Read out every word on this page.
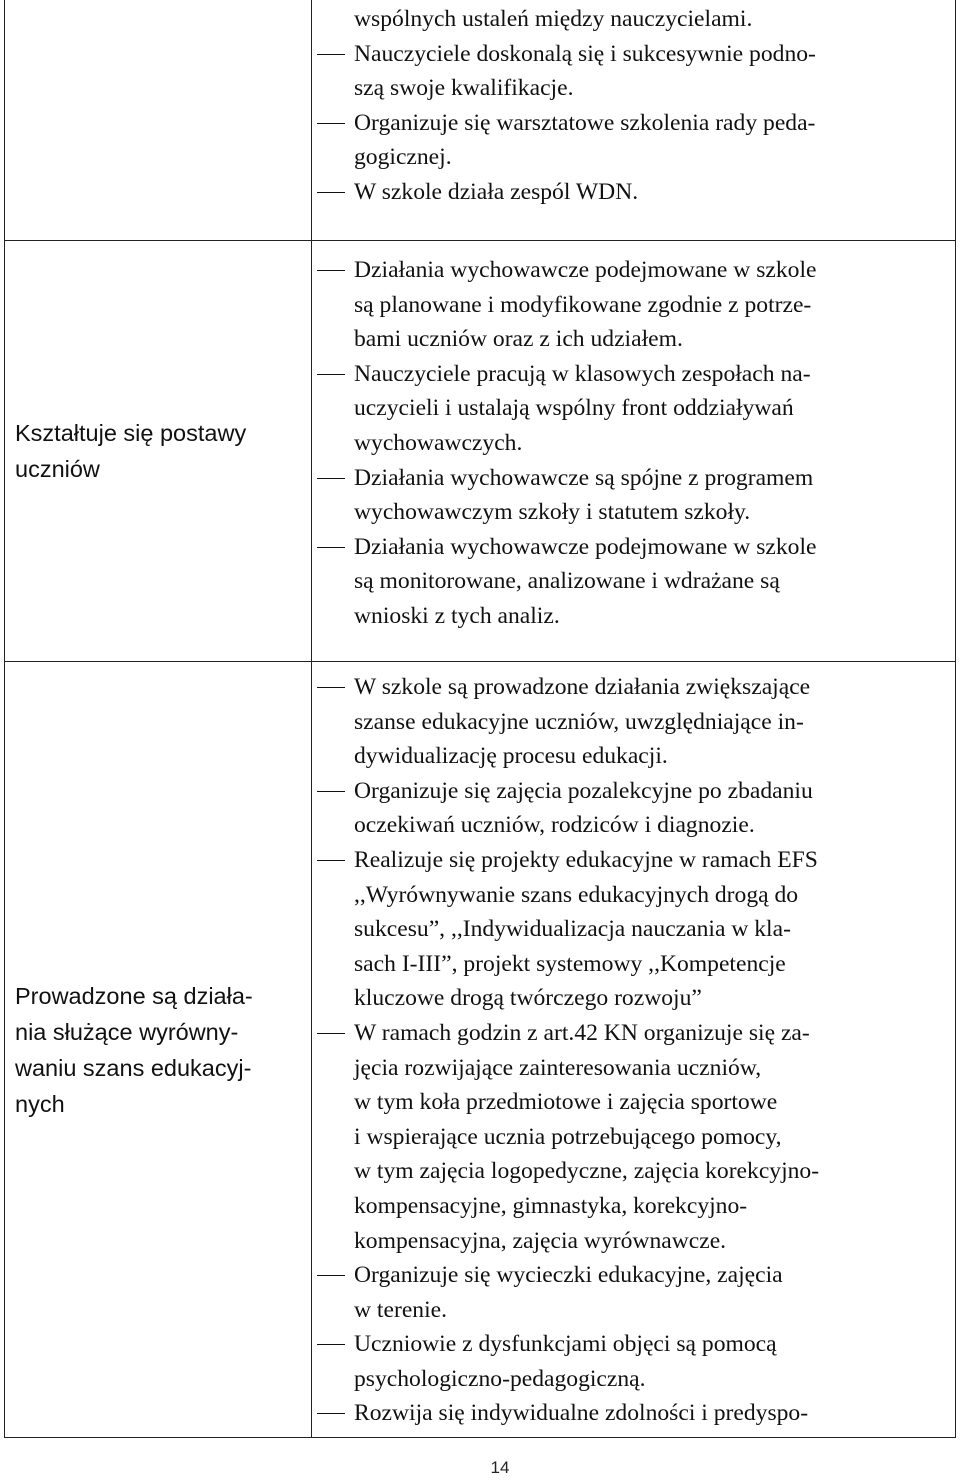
wspólnych ustaleń między nauczycielami.
Nauczyciele doskonalą się i sukcesywnie podno-
szą swoje kwalifikacje.
Organizuje się warsztatowe szkolenia rady peda-
gogicznej.
W szkole działa zespól WDN.
Kształtuje się postawy
uczniów
Działania wychowawcze podejmowane w szkole
są planowane i modyfikowane zgodnie z potrze-
bami uczniów oraz z ich udziałem.
Nauczyciele pracują w klasowych zespołach na-
uczycieli i ustalają wspólny front oddziaływań
wychowawczych.
Działania wychowawcze są spójne z programem
wychowawczym szkoły i statutem szkoły.
Działania wychowawcze podejmowane w szkole
są monitorowane, analizowane i wdrażane są
wnioski z tych analiz.
Prowadzone są działa-
nia służące wyrówny-
waniu szans edukacyj-
nych
W szkole są prowadzone działania zwiększające
szanse edukacyjne uczniów, uwzględniające in-
dywidualizację procesu edukacji.
Organizuje się zajęcia pozalekcyjne po zbadaniu
oczekiwań uczniów, rodziców i diagnozie.
Realizuje się projekty edukacyjne w ramach EFS
,,Wyrównywanie szans edukacyjnych drogą do
sukcesu”, ,,Indywidualizacja nauczania w kla-
sach I-III”, projekt systemowy ,,Kompetencje
kluczowe drogą twórczego rozwoju”
W ramach godzin z art.42 KN organizuje się za-
jęcia rozwijające zainteresowania uczniów,
w tym koła przedmiotowe i zajęcia sportowe
i wspierające ucznia potrzebującego pomocy,
w tym zajęcia logopedyczne, zajęcia korekcyjno-
kompensacyjne, gimnastyka, korekcyjno-
kompensacyjna, zajęcia wyrównawcze.
Organizuje się wycieczki edukacyjne, zajęcia
w terenie.
Uczniowie z dysfunkcjami objęci są pomocą
psychologiczno-pedagogiczną.
Rozwija się indywidualne zdolności i predyspo-
14
